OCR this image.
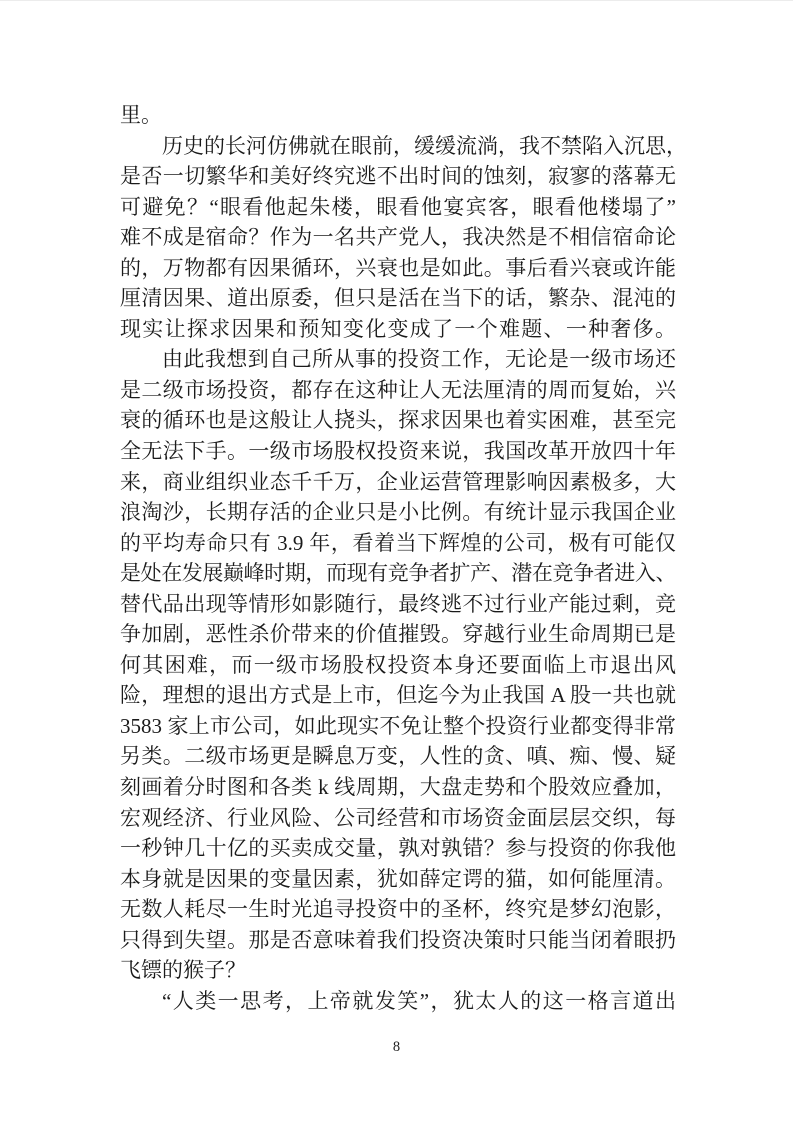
里。
历史的长河仿佛就在眼前，缓缓流淌，我不禁陷入沉思，
是否一切繁华和美好终究逃不出时间的蚀刻，寂寥的落幕无
可避免？“眼看他起朱楼，眼看他宴宾客，眼看他楼塌了”
难不成是宿命？作为一名共产党人，我决然是不相信宿命论
的，万物都有因果循环，兴衰也是如此。事后看兴衰或许能
厘清因果、道出原委，但只是活在当下的话，繁杂、混沌的
现实让探求因果和预知变化变成了一个难题、一种奢侈。
由此我想到自己所从事的投资工作，无论是一级市场还
是二级市场投资，都存在这种让人无法厘清的周而复始，兴
衰的循环也是这般让人挠头，探求因果也着实困难，甚至完
全无法下手。一级市场股权投资来说，我国改革开放四十年
来，商业组织业态千千万，企业运营管理影响因素极多，大
浪淘沙，长期存活的企业只是小比例。有统计显示我国企业
的平均寿命只有 3.9 年，看着当下辉煌的公司，极有可能仅
是处在发展巅峰时期，而现有竞争者扩产、潜在竞争者进入、
替代品出现等情形如影随行，最终逃不过行业产能过剩，竞
争加剧，恶性杀价带来的价值摧毁。穿越行业生命周期已是
何其困难，而一级市场股权投资本身还要面临上市退出风
险，理想的退出方式是上市，但迄今为止我国 A 股一共也就
3583 家上市公司，如此现实不免让整个投资行业都变得非常
另类。二级市场更是瞬息万变，人性的贪、嗔、痴、慢、疑
刻画着分时图和各类 k 线周期，大盘走势和个股效应叠加，
宏观经济、行业风险、公司经营和市场资金面层层交织，每
一秒钟几十亿的买卖成交量，孰对孰错？参与投资的你我他
本身就是因果的变量因素，犹如薛定谔的猫，如何能厘清。
无数人耗尽一生时光追寻投资中的圣杯，终究是梦幻泡影，
只得到失望。那是否意味着我们投资决策时只能当闭着眼扔
飞镖的猴子？
“人类一思考，上帝就发笑”，犹太人的这一格言道出
8
